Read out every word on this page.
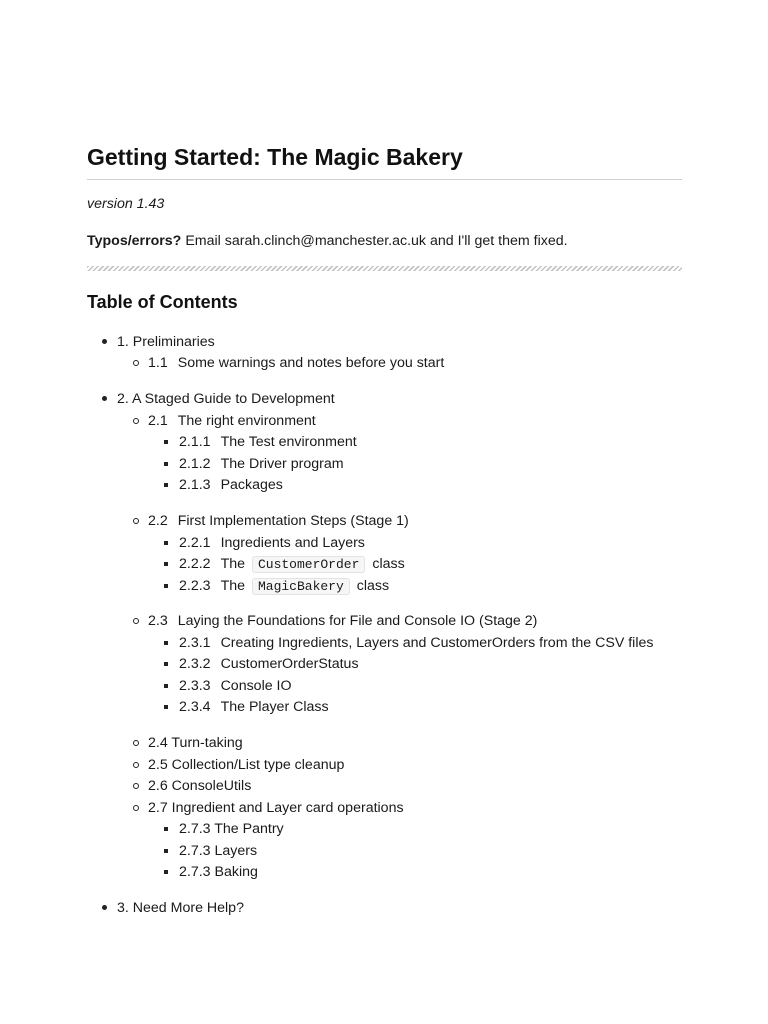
Getting Started: The Magic Bakery
version 1.43
Typos/errors? Email sarah.clinch@manchester.ac.uk and I'll get them fixed.
Table of Contents
1. Preliminaries
1.1 Some warnings and notes before you start
2. A Staged Guide to Development
2.1 The right environment
2.1.1 The Test environment
2.1.2 The Driver program
2.1.3 Packages
2.2 First Implementation Steps (Stage 1)
2.2.1 Ingredients and Layers
2.2.2 The CustomerOrder class
2.2.3 The MagicBakery class
2.3 Laying the Foundations for File and Console IO (Stage 2)
2.3.1 Creating Ingredients, Layers and CustomerOrders from the CSV files
2.3.2 CustomerOrderStatus
2.3.3 Console IO
2.3.4 The Player Class
2.4 Turn-taking
2.5 Collection/List type cleanup
2.6 ConsoleUtils
2.7 Ingredient and Layer card operations
2.7.3 The Pantry
2.7.3 Layers
2.7.3 Baking
3. Need More Help?
